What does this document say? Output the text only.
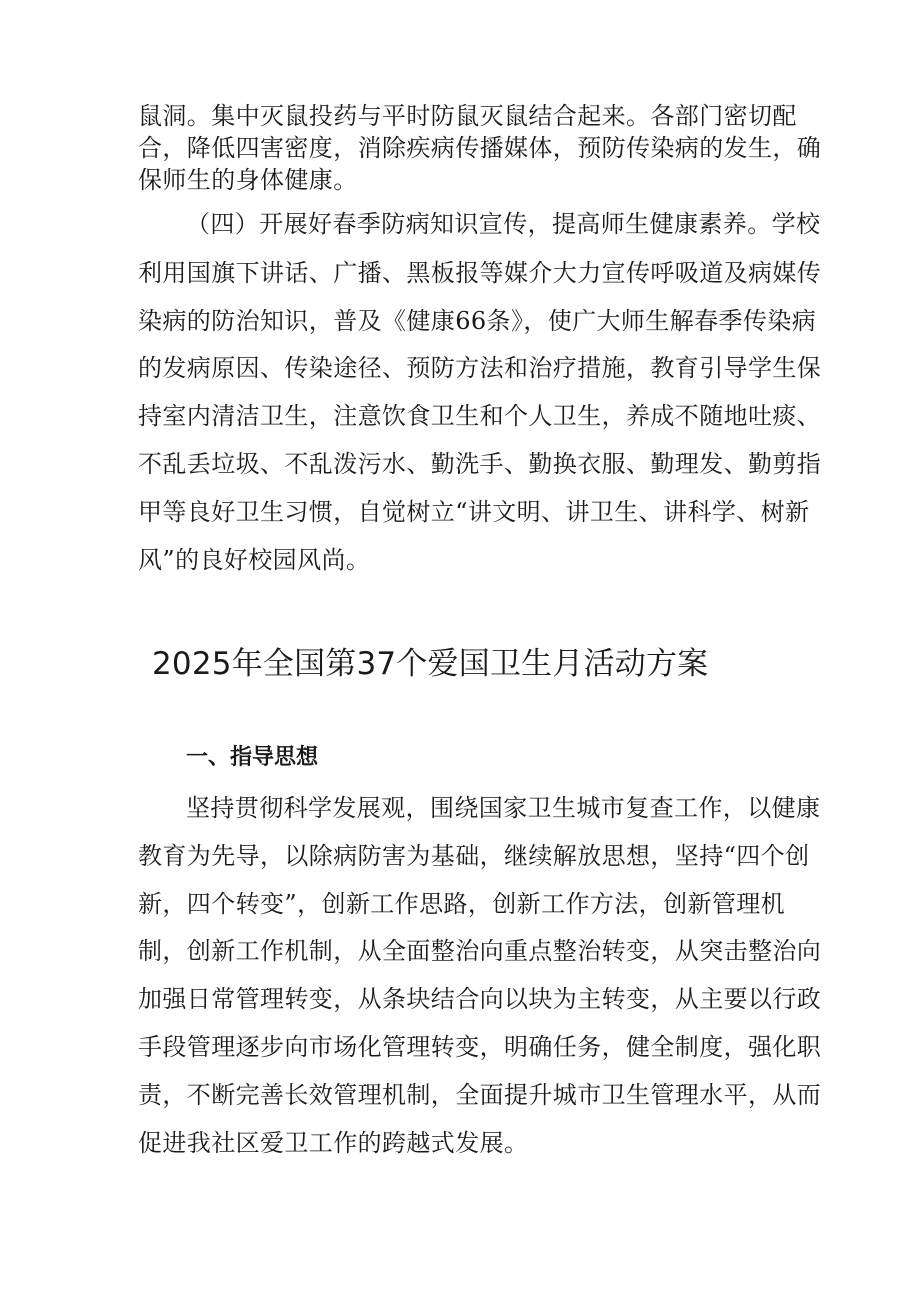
鼠洞。集中灭鼠投药与平时防鼠灭鼠结合起来。各部门密切配
合，降低四害密度，消除疾病传播媒体，预防传染病的发生，确
保师生的身体健康。
（四）开展好春季防病知识宣传，提高师生健康素养。学校
利用国旗下讲话、广播、黑板报等媒介大力宣传呼吸道及病媒传
染病的防治知识，普及《健康66条》，使广大师生解春季传染病
的发病原因、传染途径、预防方法和治疗措施，教育引导学生保
持室内清洁卫生，注意饮食卫生和个人卫生，养成不随地吐痰、
不乱丢垃圾、不乱泼污水、勤洗手、勤换衣服、勤理发、勤剪指
甲等良好卫生习惯，自觉树立“讲文明、讲卫生、讲科学、树新
风”的良好校园风尚。
2025年全国第37个爱国卫生月活动方案
一、指导思想
坚持贯彻科学发展观，围绕国家卫生城市复查工作，以健康
教育为先导，以除病防害为基础，继续解放思想，坚持“四个创
新，四个转变”，创新工作思路，创新工作方法，创新管理机
制，创新工作机制，从全面整治向重点整治转变，从突击整治向
加强日常管理转变，从条块结合向以块为主转变，从主要以行政
手段管理逐步向市场化管理转变，明确任务，健全制度，强化职
责，不断完善长效管理机制，全面提升城市卫生管理水平，从而
促进我社区爱卫工作的跨越式发展。
